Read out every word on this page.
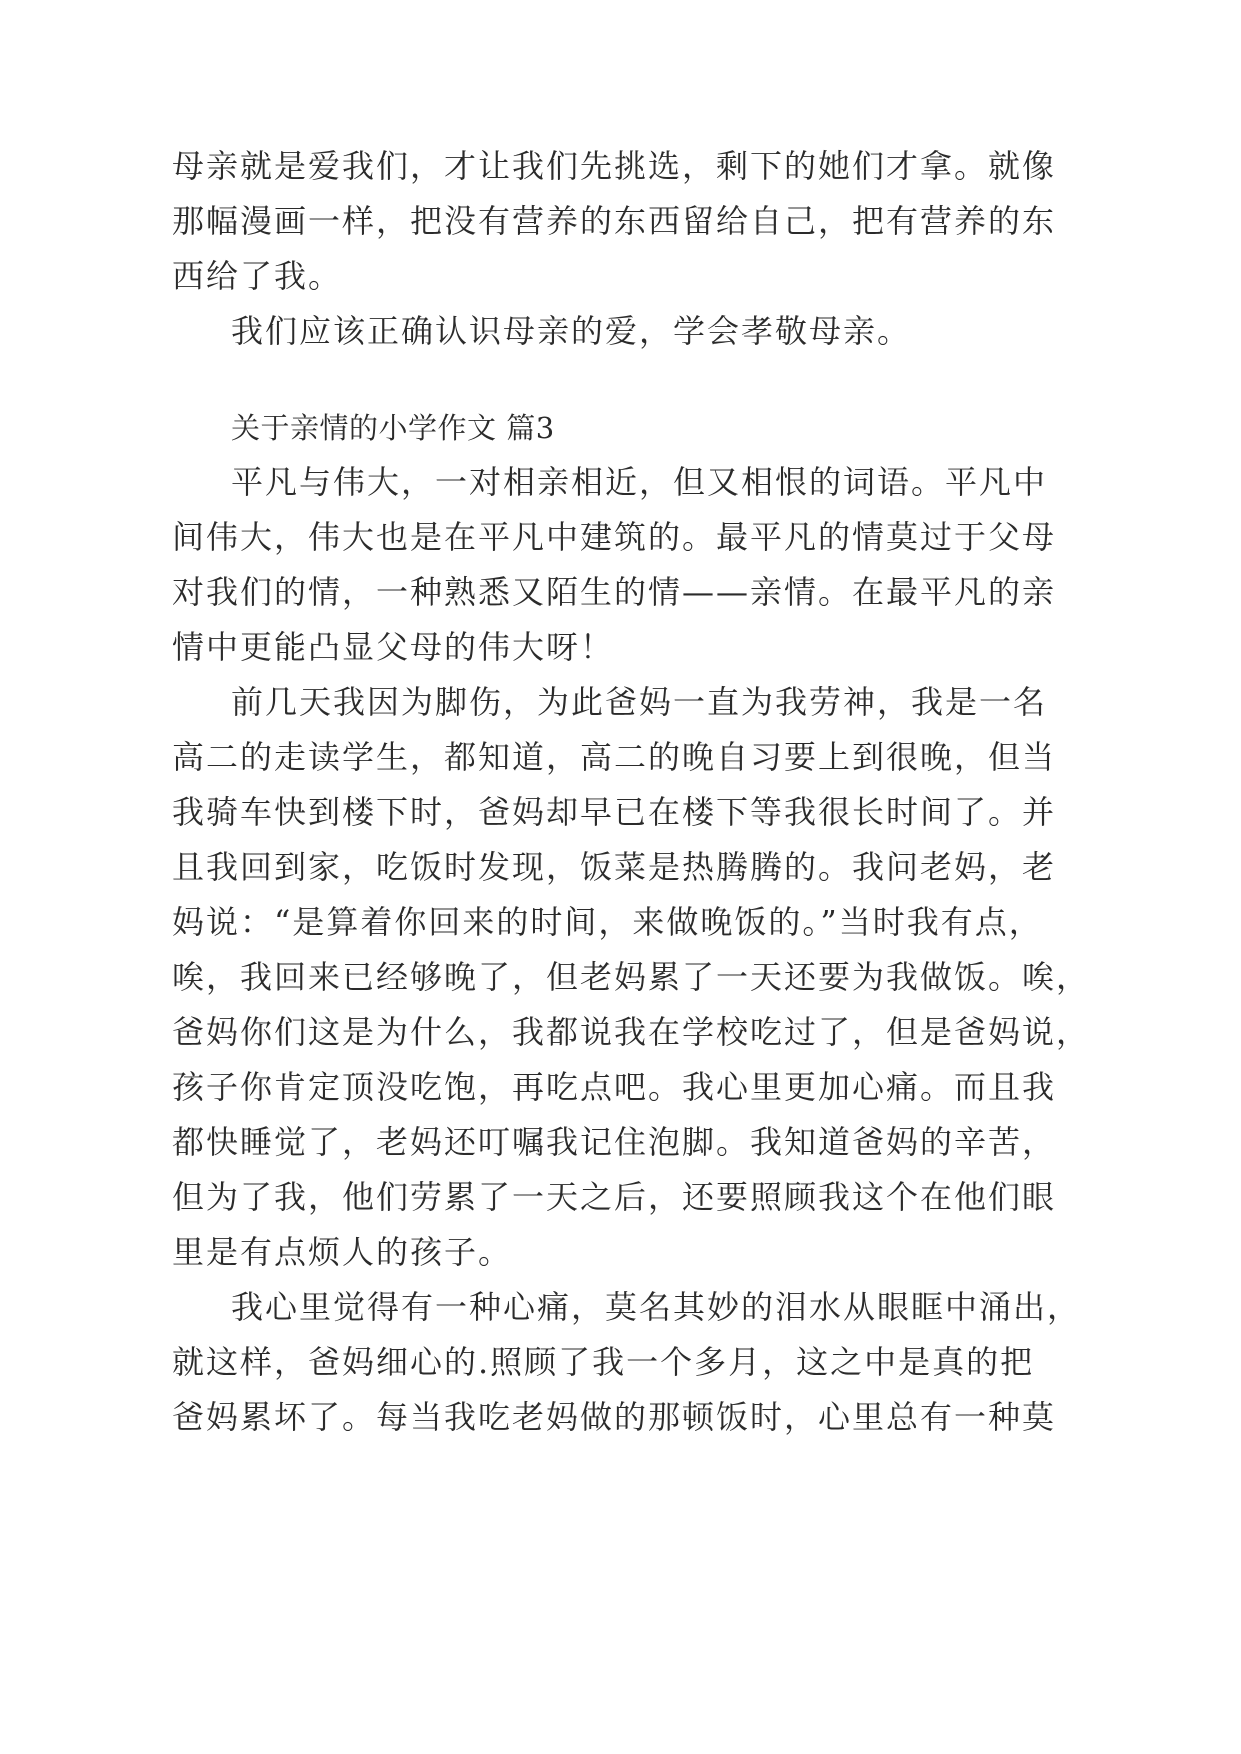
母亲就是爱我们，才让我们先挑选，剩下的她们才拿。就像
那幅漫画一样，把没有营养的东西留给自己，把有营养的东
西给了我。
我们应该正确认识母亲的爱，学会孝敬母亲。
关于亲情的小学作文 篇3
平凡与伟大，一对相亲相近，但又相恨的词语。平凡中
间伟大，伟大也是在平凡中建筑的。最平凡的情莫过于父母
对我们的情，一种熟悉又陌生的情——亲情。在最平凡的亲
情中更能凸显父母的伟大呀！
前几天我因为脚伤，为此爸妈一直为我劳神，我是一名
高二的走读学生，都知道，高二的晚自习要上到很晚，但当
我骑车快到楼下时，爸妈却早已在楼下等我很长时间了。并
且我回到家，吃饭时发现，饭菜是热腾腾的。我问老妈，老
妈说：“是算着你回来的时间，来做晚饭的。”当时我有点，
唉，我回来已经够晚了，但老妈累了一天还要为我做饭。唉，
爸妈你们这是为什么，我都说我在学校吃过了，但是爸妈说，
孩子你肯定顶没吃饱，再吃点吧。我心里更加心痛。而且我
都快睡觉了，老妈还叮嘱我记住泡脚。我知道爸妈的辛苦，
但为了我，他们劳累了一天之后，还要照顾我这个在他们眼
里是有点烦人的孩子。
我心里觉得有一种心痛，莫名其妙的泪水从眼眶中涌出，
就这样，爸妈细心的.照顾了我一个多月，这之中是真的把
爸妈累坏了。每当我吃老妈做的那顿饭时，心里总有一种莫
